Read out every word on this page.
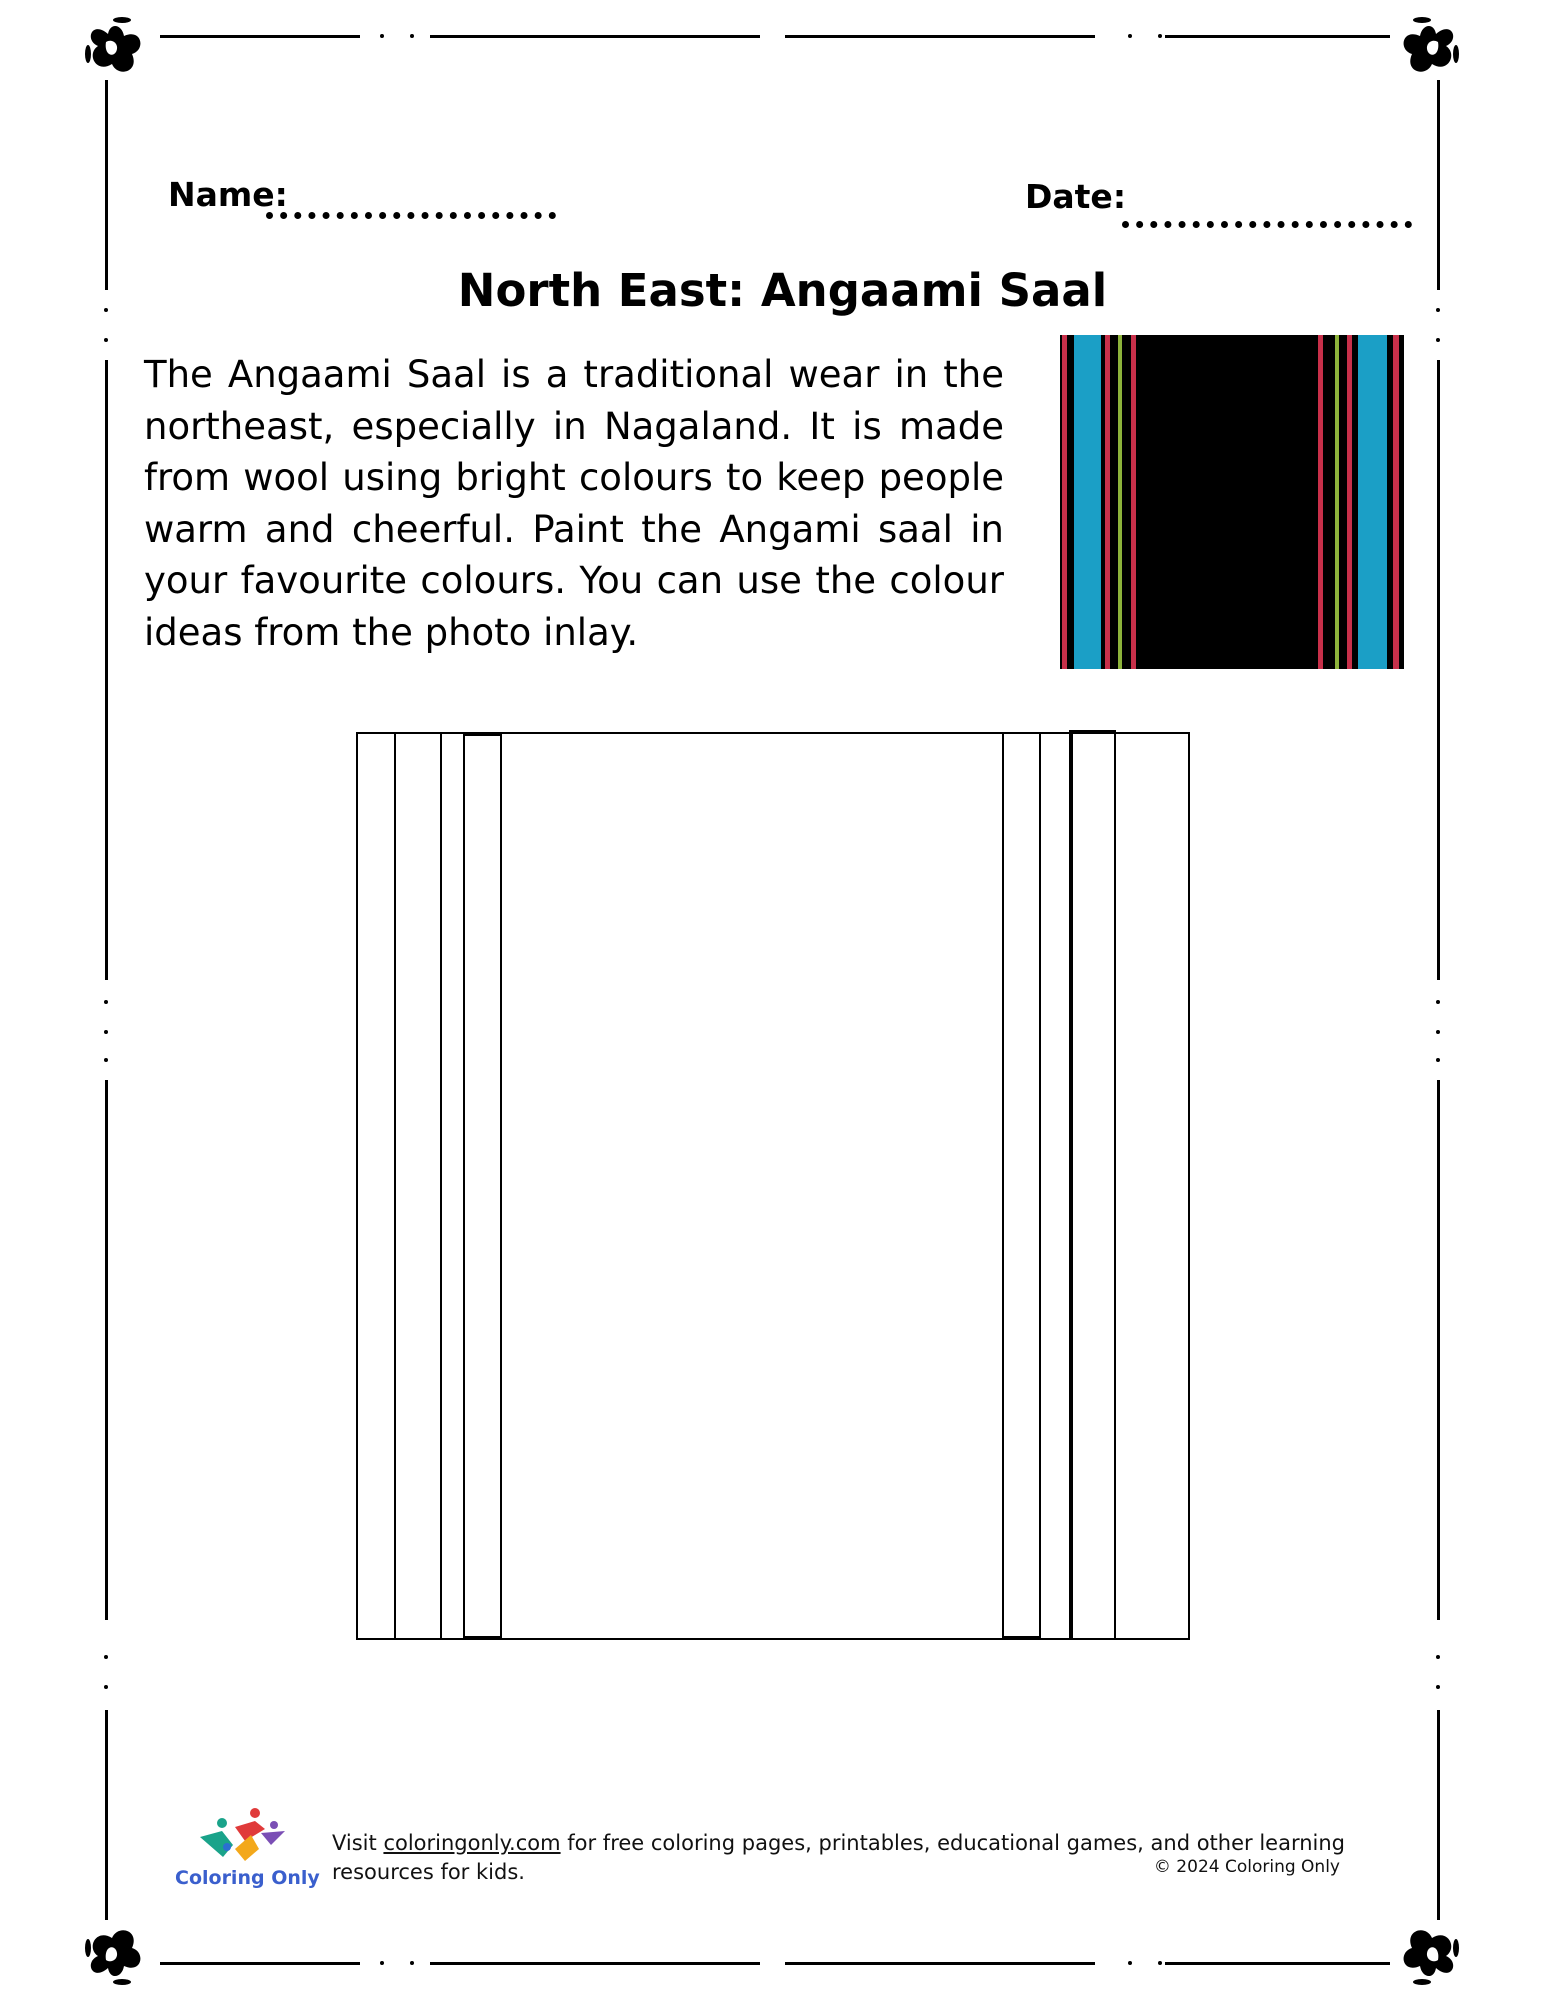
Name:	Date:
North East: Angaami Saal

The Angaami Saal is a traditional wear in the northeast, especially in Nagaland. It is made from wool using bright colours to keep people warm and cheerful. Paint the Angami saal in your favourite colours. You can use the colour ideas from the photo inlay.

Coloring Only

Visit coloringonly.com for free coloring pages, printables, educational games, and other learning resources for kids.	© 2024 Coloring Only
